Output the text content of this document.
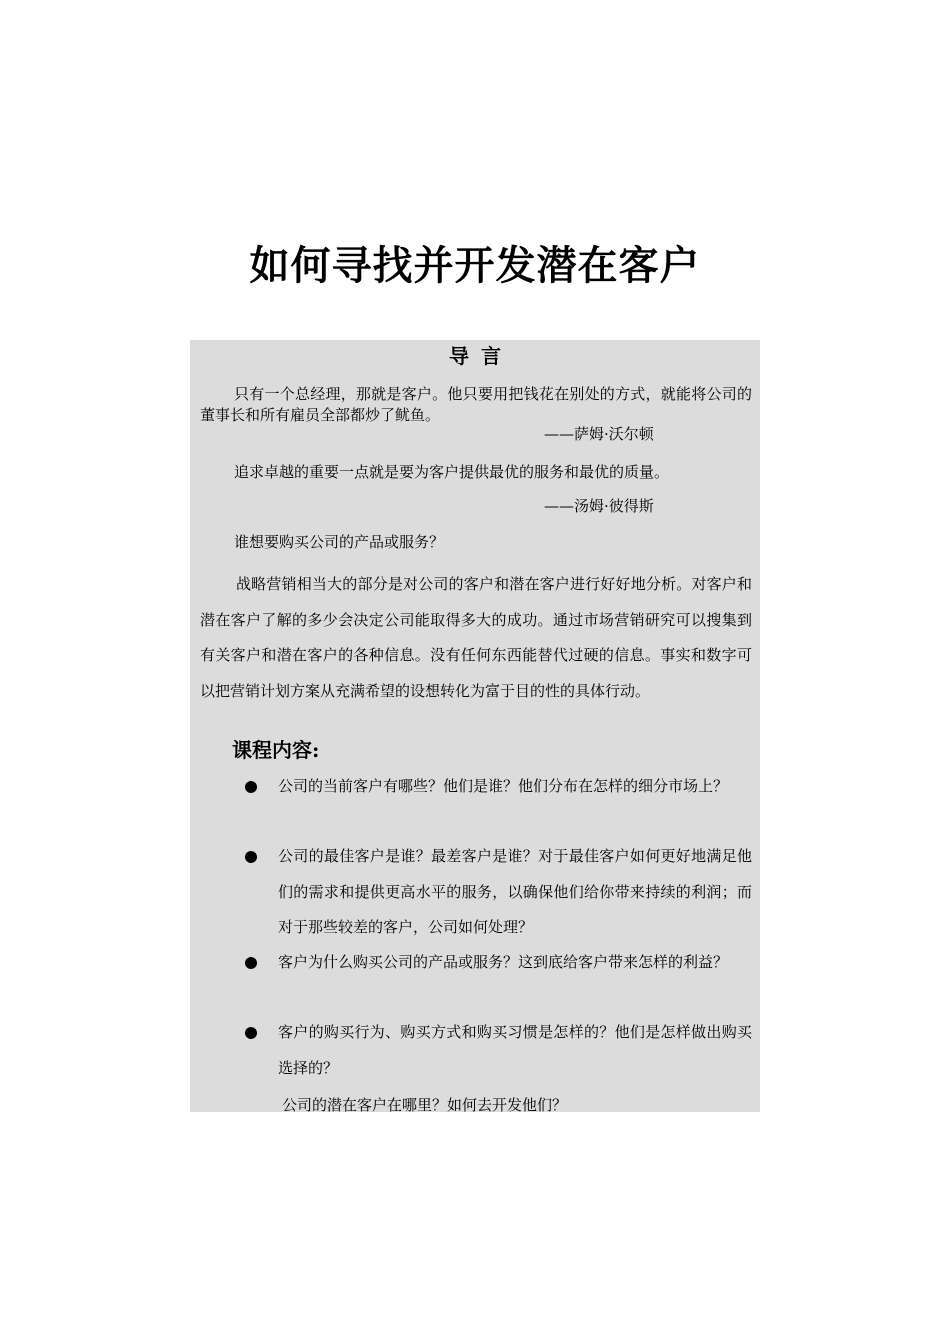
如何寻找并开发潜在客户

导言

只有一个总经理，那就是客户。他只要用把钱花在别处的方式，就能将公司的董事长和所有雇员全部都炒了鱿鱼。

——萨姆·沃尔顿

追求卓越的重要一点就是要为客户提供最优的服务和最优的质量。

——汤姆·彼得斯

谁想要购买公司的产品或服务？

战略营销相当大的部分是对公司的客户和潜在客户进行好好地分析。对客户和潜在客户了解的多少会决定公司能取得多大的成功。通过市场营销研究可以搜集到有关客户和潜在客户的各种信息。没有任何东西能替代过硬的信息。事实和数字可以把营销计划方案从充满希望的设想转化为富于目的性的具体行动。

课程内容:

公司的当前客户有哪些？他们是谁？他们分布在怎样的细分市场上？

公司的最佳客户是谁？最差客户是谁？对于最佳客户如何更好地满足他们的需求和提供更高水平的服务，以确保他们给你带来持续的利润；而对于那些较差的客户，公司如何处理？

客户为什么购买公司的产品或服务？这到底给客户带来怎样的利益？

客户的购买行为、购买方式和购买习惯是怎样的？他们是怎样做出购买选择的？

公司的潜在客户在哪里？如何去开发他们？
